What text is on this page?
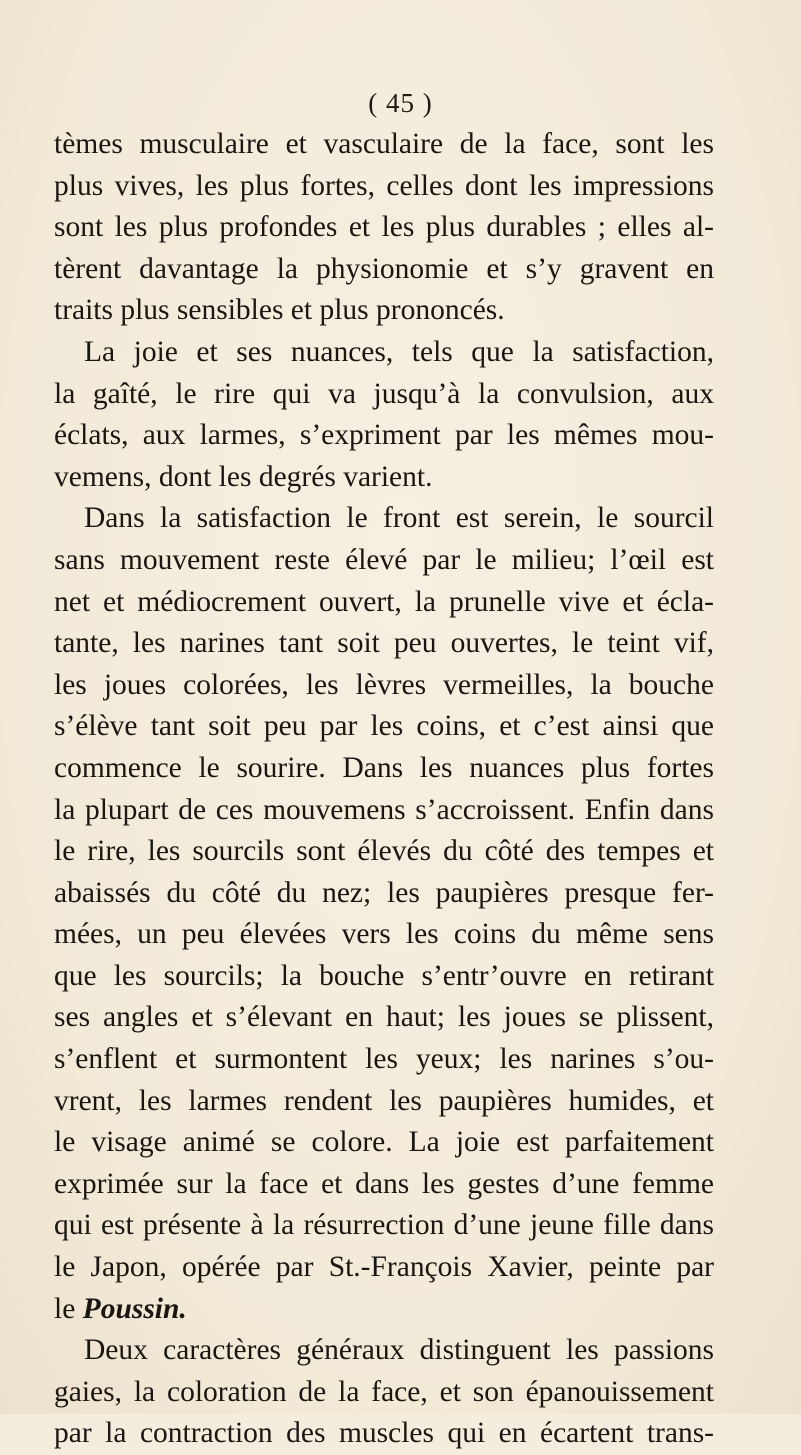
( 45 )
tèmes musculaire et vasculaire de la face, sont les
plus vives, les plus fortes, celles dont les impressions
sont les plus profondes et les plus durables ; elles al-
tèrent davantage la physionomie et s’y gravent en
traits plus sensibles et plus prononcés.
La joie et ses nuances, tels que la satisfaction,
la gaîté, le rire qui va jusqu’à la convulsion, aux
éclats, aux larmes, s’expriment par les mêmes mou-
vemens, dont les degrés varient.
Dans la satisfaction le front est serein, le sourcil
sans mouvement reste élevé par le milieu; l’œil est
net et médiocrement ouvert, la prunelle vive et écla-
tante, les narines tant soit peu ouvertes, le teint vif,
les joues colorées, les lèvres vermeilles, la bouche
s’élève tant soit peu par les coins, et c’est ainsi que
commence le sourire. Dans les nuances plus fortes
la plupart de ces mouvemens s’accroissent. Enfin dans
le rire, les sourcils sont élevés du côté des tempes et
abaissés du côté du nez; les paupières presque fer-
mées, un peu élevées vers les coins du même sens
que les sourcils; la bouche s’entr’ouvre en retirant
ses angles et s’élevant en haut; les joues se plissent,
s’enflent et surmontent les yeux; les narines s’ou-
vrent, les larmes rendent les paupières humides, et
le visage animé se colore. La joie est parfaitement
exprimée sur la face et dans les gestes d’une femme
qui est présente à la résurrection d’une jeune fille dans
le Japon, opérée par St.-François Xavier, peinte par
le Poussin.
Deux caractères généraux distinguent les passions
gaies, la coloration de la face, et son épanouissement
par la contraction des muscles qui en écartent trans-
